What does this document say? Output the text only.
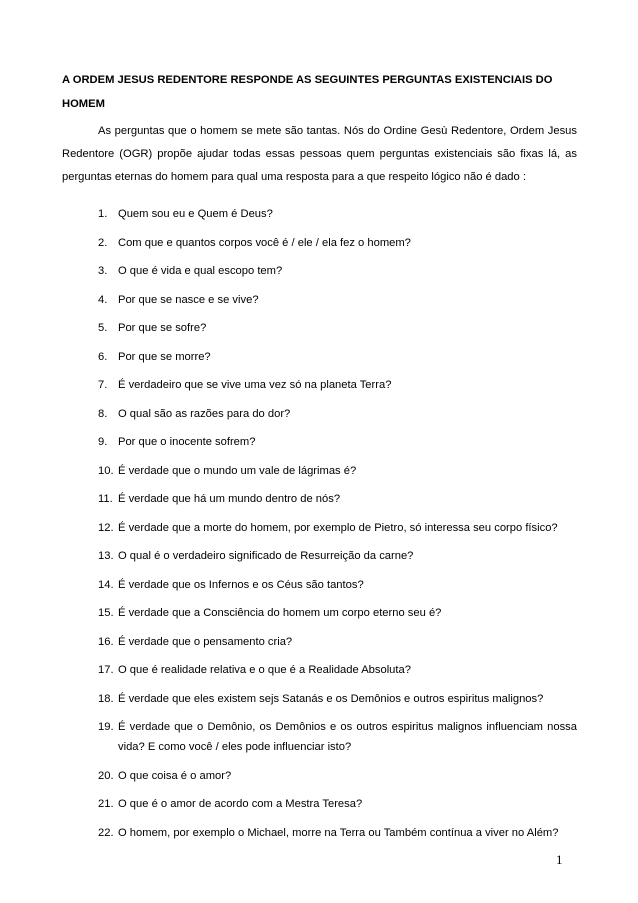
A ORDEM JESUS REDENTORE RESPONDE AS SEGUINTES PERGUNTAS EXISTENCIAIS DO HOMEM

As perguntas que o homem se mete são tantas. Nós do Ordine Gesù Redentore, Ordem Jesus Redentore (OGR) propõe ajudar todas essas pessoas quem perguntas existenciais são fixas lá, as perguntas eternas do homem para qual uma resposta para a que respeito lógico não é dado :

1. Quem sou eu e Quem é Deus?
2. Com que e quantos corpos você é / ele / ela fez o homem?
3. O que é vida e qual escopo tem?
4. Por que se nasce e se vive?
5. Por que se sofre?
6. Por que se morre?
7. É verdadeiro que se vive uma vez só na planeta Terra?
8. O qual são as razões para do dor?
9. Por que o inocente sofrem?
10. É verdade que o mundo um vale de lágrimas é?
11. É verdade que há um mundo dentro de nós?
12. É verdade que a morte do homem, por exemplo de Pietro, só interessa seu corpo físico?
13. O qual é o verdadeiro significado de Resurreição da carne?
14. É verdade que os Infernos e os Céus são tantos?
15. É verdade que a Consciência do homem um corpo eterno seu é?
16. É verdade que o pensamento cria?
17. O que é realidade relativa e o que é a Realidade Absoluta?
18. É verdade que eles existem sejs Satanás e os Demônios e outros espiritus malignos?
19. É verdade que o Demônio, os Demônios e os outros espiritus malignos influenciam nossa vida? E como você / eles pode influenciar isto?
20. O que coisa é o amor?
21. O que é o amor de acordo com a Mestra Teresa?
22. O homem, por exemplo o Michael, morre na Terra ou Também contínua a viver no Além?
1
